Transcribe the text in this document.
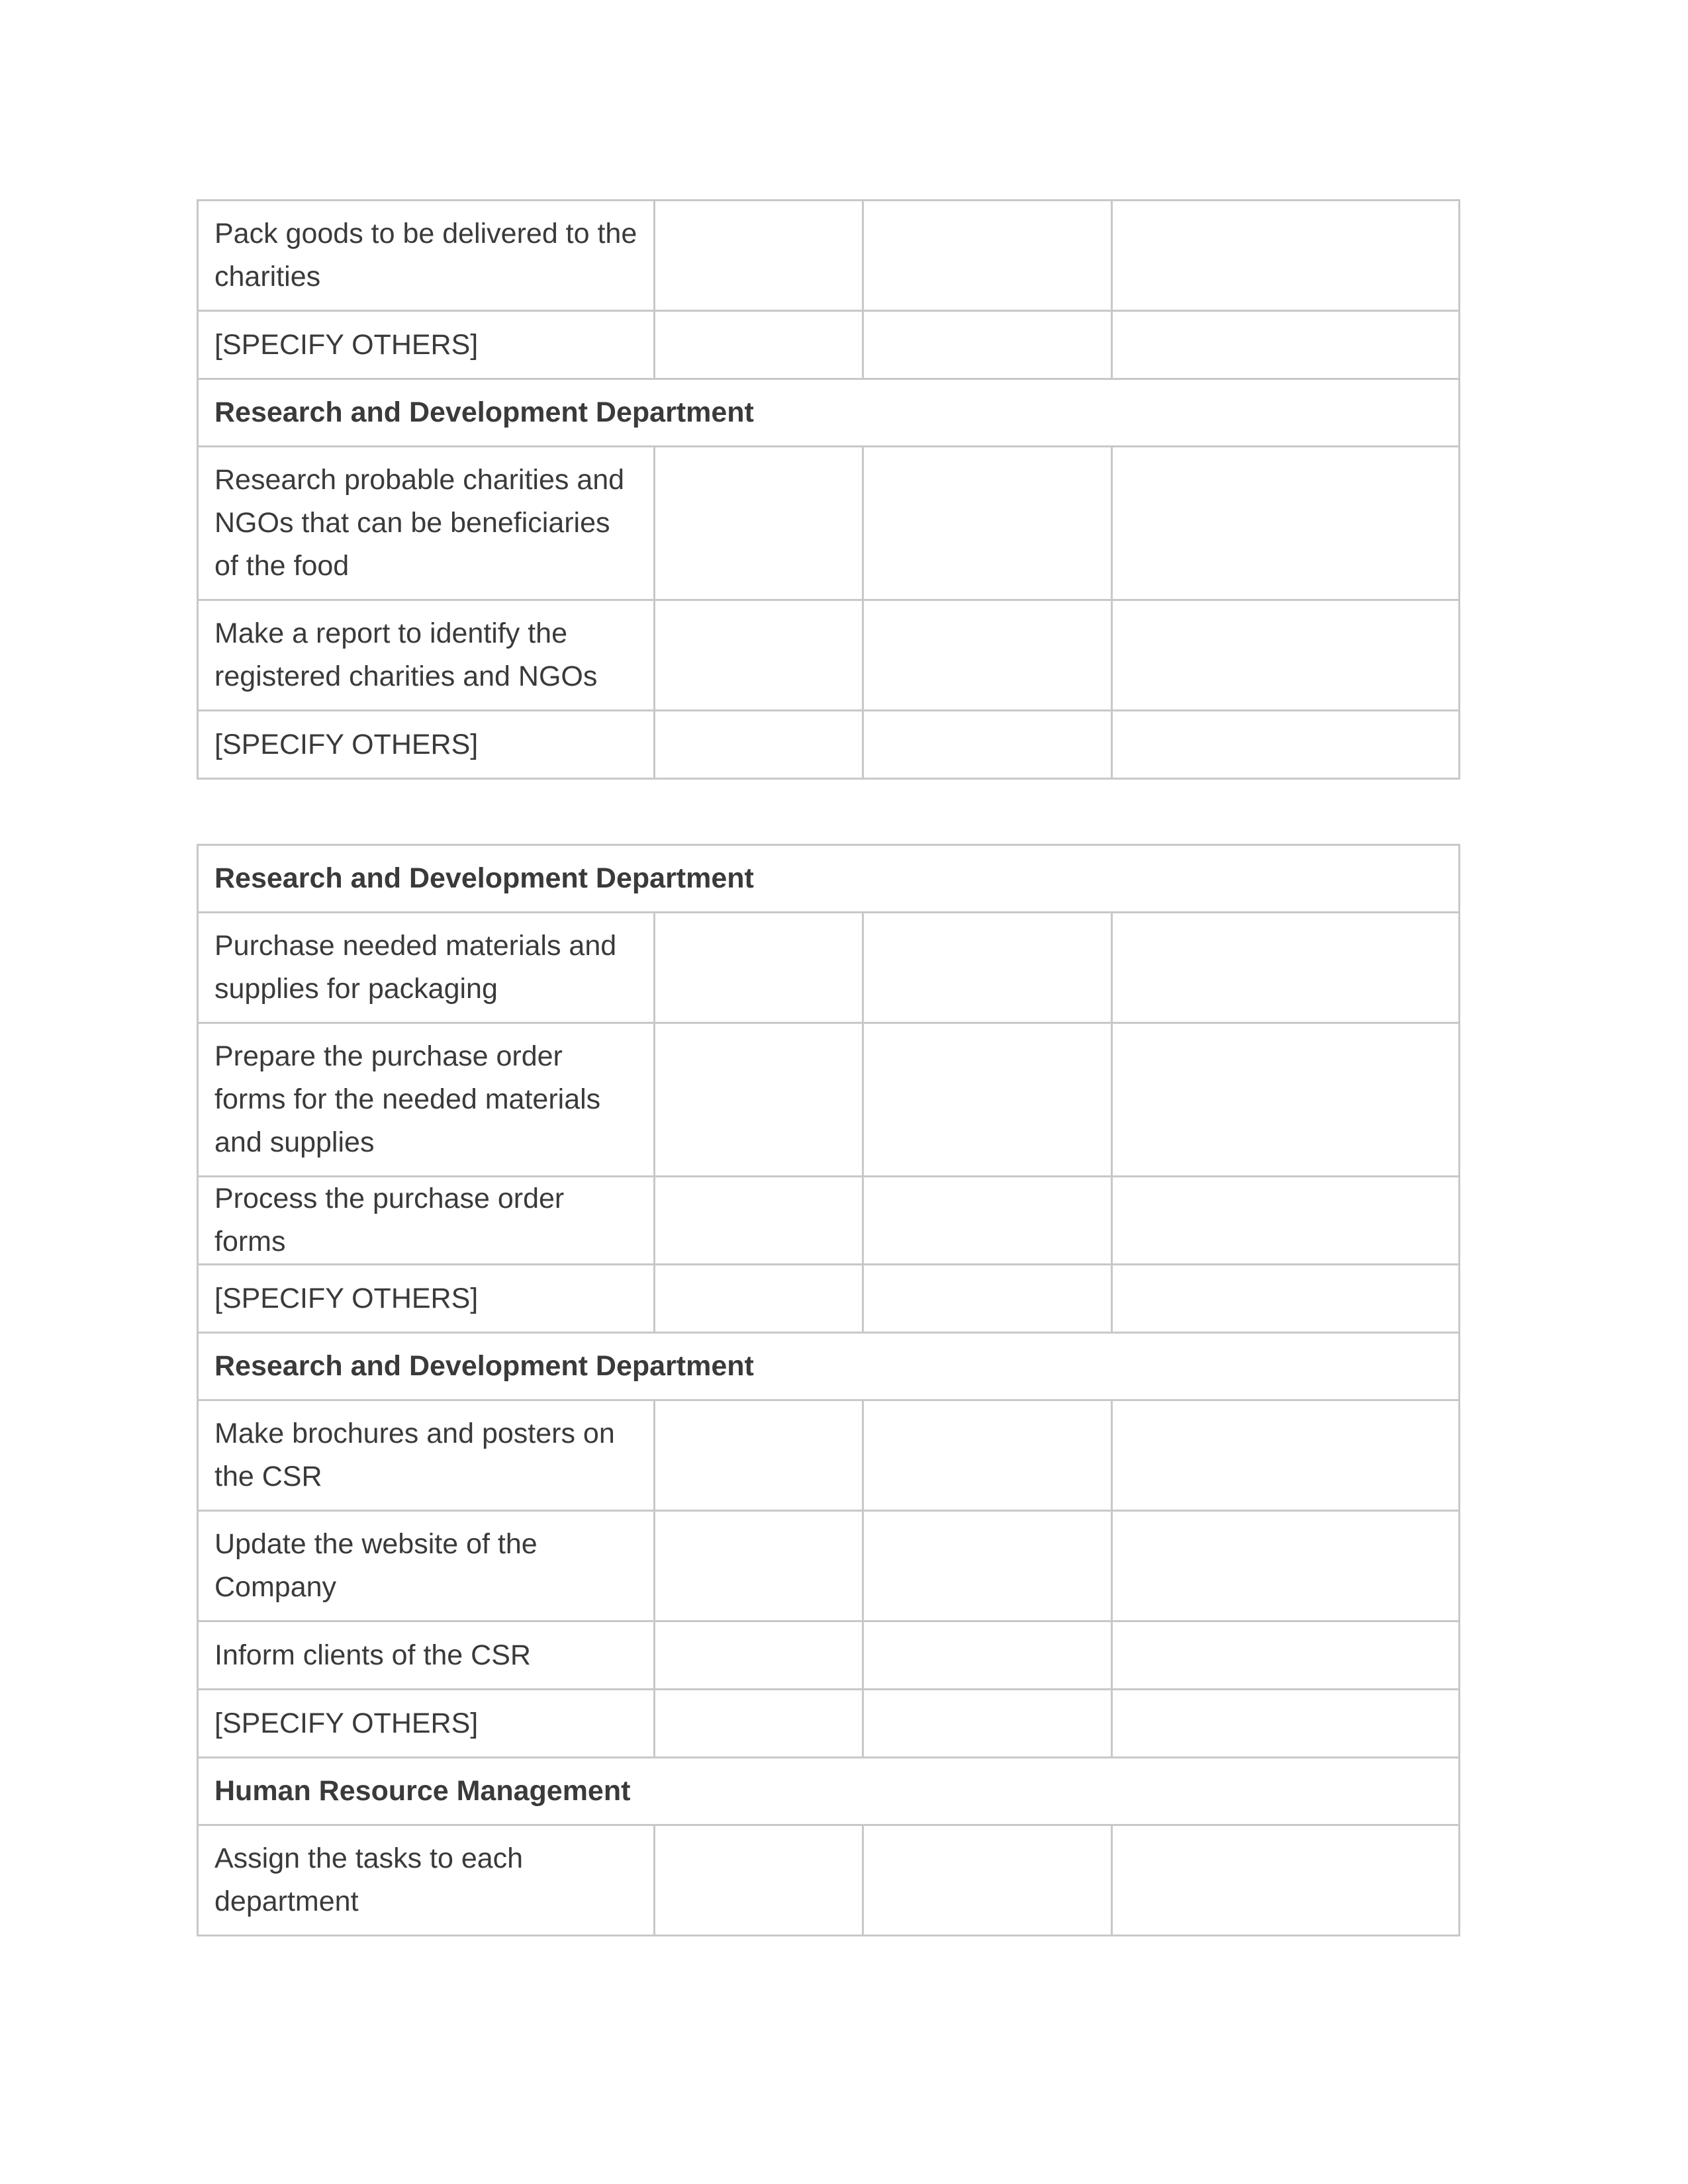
Pack goods to be delivered to the charities			
[SPECIFY OTHERS]			
Research and Development Department			
Research probable charities and NGOs that can be beneficiaries of the food			
Make a report to identify the registered charities and NGOs			
[SPECIFY OTHERS]			
Research and Development Department			
Purchase needed materials and supplies for packaging			
Prepare the purchase order forms for the needed materials and supplies			
Process the purchase order forms			
[SPECIFY OTHERS]			
Research and Development Department			
Make brochures and posters on the CSR			
Update the website of the Company			
Inform clients of the CSR			
[SPECIFY OTHERS]			
Human Resource Management			
Assign the tasks to each department			
